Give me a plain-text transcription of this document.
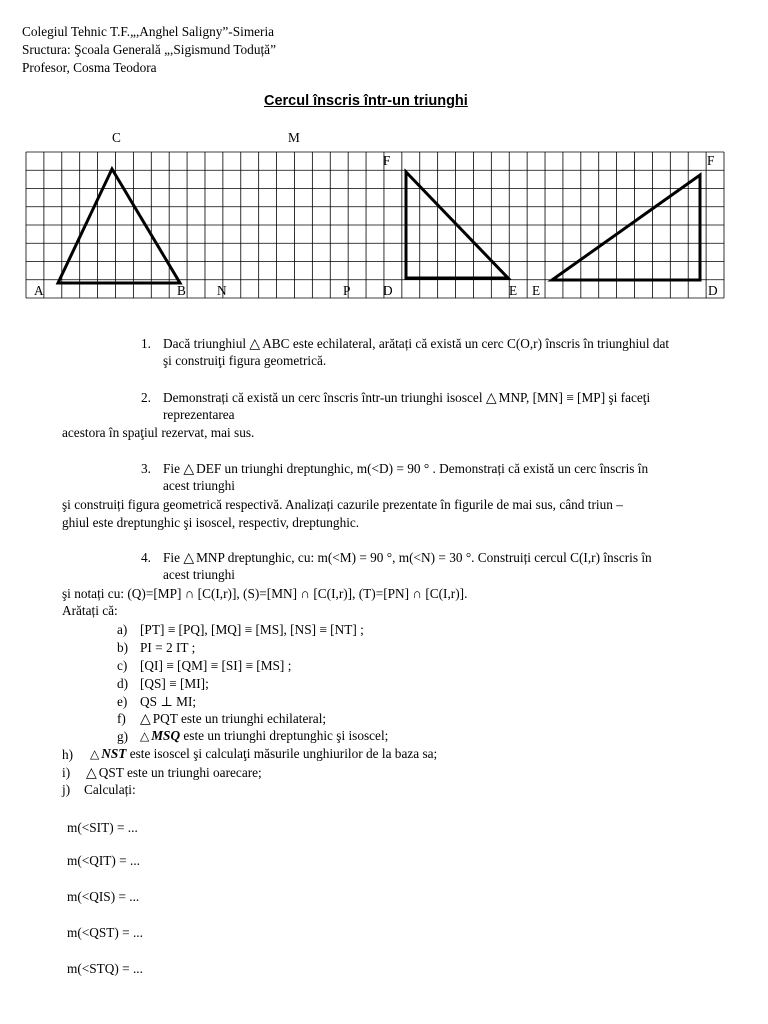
Colegiul Tehnic T.F.„,Anghel Saligny”-Simeria
Sructura: Şcoala Generală „,Sigismund Toduță”
Profesor, Cosma Teodora
Cercul înscris într-un triunghi
C	M
A	B N	P D	E
F
E	D
F
1. Dacă triunghiul △ ABC este echilateral, arătați că există un cerc C(O,r) înscris în triunghiul dat
şi construiţi figura geometrică.
2. Demonstrați că există un cerc înscris într-un triunghi isoscel △ MNP, [MN] ≡ [MP] şi faceţi
reprezentarea
acestora în spaţiul rezervat, mai sus.
3. Fie △ DEF un triunghi dreptunghic, m(<D) = 90 ° . Demonstrați că există un cerc înscris în
acest triunghi
şi construiți figura geometrică respectivă. Analizați cazurile prezentate în figurile de mai sus, când triun –
ghiul este dreptunghic şi isoscel, respectiv, dreptunghic.
4. Fie △ MNP dreptunghic, cu: m(<M) = 90 °, m(<N) = 30 °. Construiți cercul C(I,r) înscris în
acest triunghi
şi notați cu: (Q)=[MP] ∩ [C(I,r)], (S)=[MN] ∩ [C(I,r)], (T)=[PN] ∩ [C(I,r)].
Arătați că:
a) [PT] ≡ [PQ], [MQ] ≡ [MS], [NS] ≡ [NT] ;
b) PI = 2 IT ;
c) [QI] ≡ [QM] ≡ [SI] ≡ [MS] ;
d) [QS] ≡ [MI];
e) QS ⊥ MI;
f) △ PQT este un triunghi echilateral;
g) △ MSQ este un triunghi dreptunghic şi isoscel;
h) △ NST este isoscel şi calculaţi măsurile unghiurilor de la baza sa;
i) △ QST este un triunghi oarecare;
j) Calculați:
m(<SIT) = ...
m(<QIT) = ...
m(<QIS) = ...
m(<QST) = ...
m(<STQ) = ...
